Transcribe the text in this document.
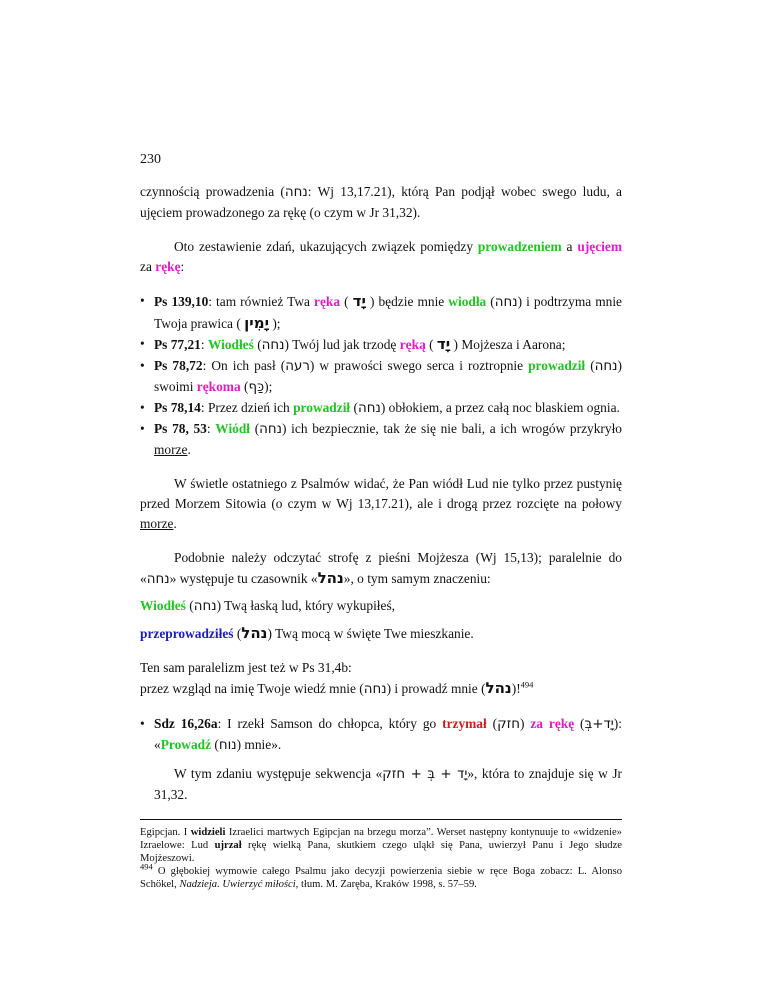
230

czynnością prowadzenia (נחה: Wj 13,17.21), którą Pan podjął wobec swego ludu, a ujęciem prowadzonego za rękę (o czym w Jr 31,32).

Oto zestawienie zdań, ukazujących związek pomiędzy prowadzeniem a ujęciem za rękę:

• Ps 139,10: tam również Twa ręka ( יָד ) będzie mnie wiodła (נחה) i podtrzyma mnie Twoja prawica ( יָמִין );
• Ps 77,21: Wiodłeś (נחה) Twój lud jak trzodę ręką ( יָד ) Mojżesza i Aarona;
• Ps 78,72: On ich pasł (רעה) w prawości swego serca i roztropnie prowadził (נחה) swoimi rękoma (כַּף);
• Ps 78,14: Przez dzień ich prowadził (נחה) obłokiem, a przez całą noc blaskiem ognia.
• Ps 78, 53: Wiódł (נחה) ich bezpiecznie, tak że się nie bali, a ich wrogów przykryło morze.

W świetle ostatniego z Psalmów widać, że Pan wiódł Lud nie tylko przez pustynię przed Morzem Sitowia (o czym w Wj 13,17.21), ale i drogą przez rozcięte na połowy morze.

Podobnie należy odczytać strofę z pieśni Mojżesza (Wj 15,13); paralelnie do «נחה» występuje tu czasownik «נהל», o tym samym znaczeniu:

Wiodłeś (נחה) Twą łaską lud, który wykupiłeś,

przeprowadziłeś (נהל) Twą mocą w święte Twe mieszkanie.

Ten sam paralelizm jest też w Ps 31,4b:

przez wzgląd na imię Twoje wiedź mnie (נחה) i prowadź mnie (נהל)!$^{494}$

• Sdz 16,26a: I rzekł Samson do chłopca, który go trzymał (חזק) za rękę (יָד+בְּ): «Prowadź (נוח) mnie».

W tym zdaniu występuje sekwencja «יָד + בְּ + חזק», która to znajduje się w Jr 31,32.

Egipcjan. I widzieli Izraelici martwych Egipcjan na brzegu morza”. Werset następny kontynuuje to «widzenie» Izraelowe: Lud ujrzał rękę wielką Pana, skutkiem czego uląkł się Pana, uwierzył Panu i Jego słudze Mojżeszowi.

$^{494}$ O głębokiej wymowie całego Psalmu jako decyzji powierzenia siebie w ręce Boga zobacz: L. Alonso Schökel, Nadzieja. Uwierzyć miłości, tłum. M. Zaręba, Kraków 1998, s. 57–59.
